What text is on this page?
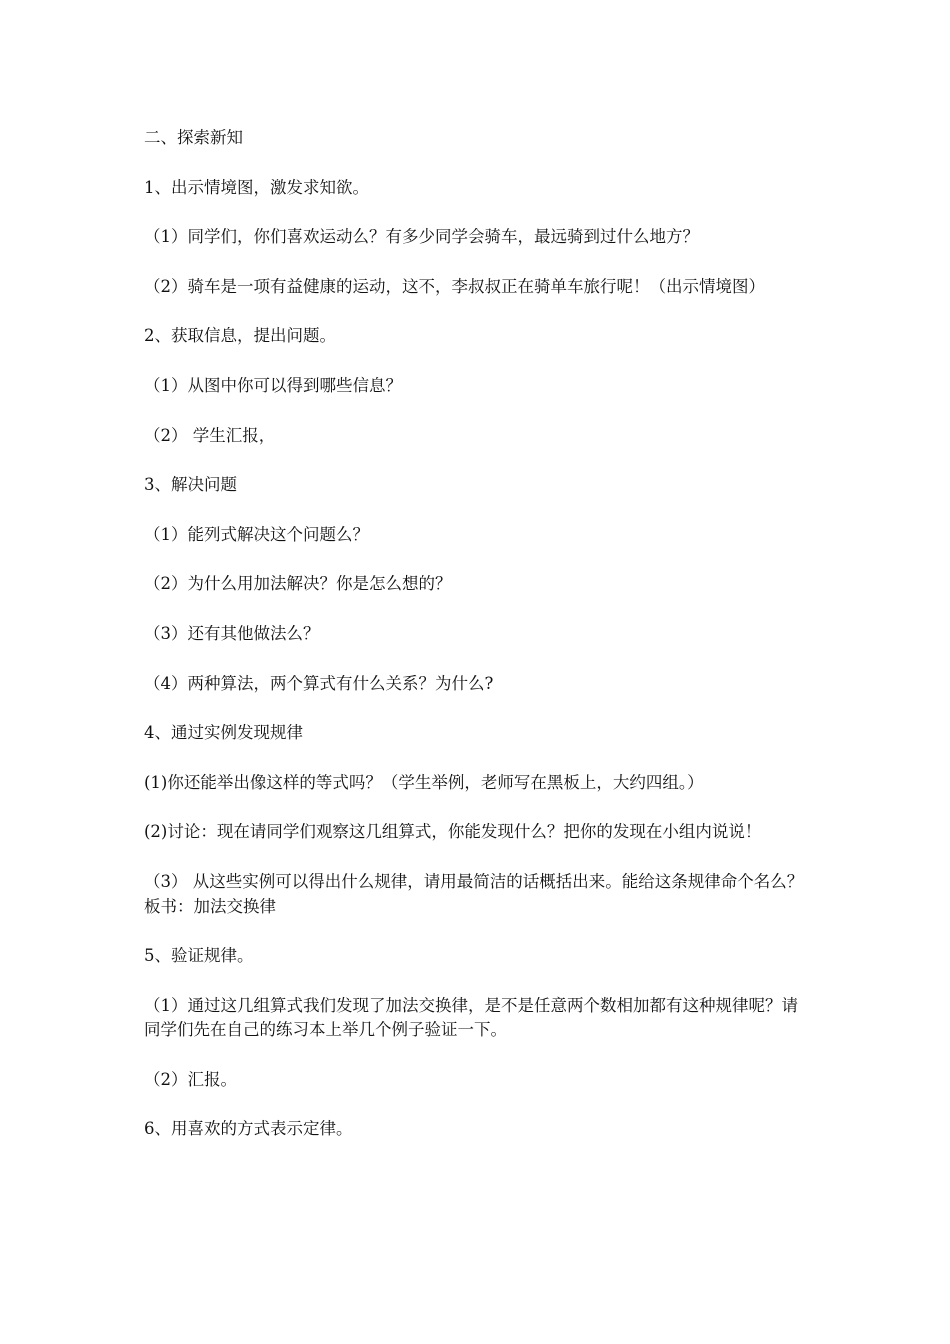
二、探索新知

1、出示情境图，激发求知欲。

（1）同学们，你们喜欢运动么？有多少同学会骑车，最远骑到过什么地方？

（2）骑车是一项有益健康的运动，这不，李叔叔正在骑单车旅行呢！（出示情境图）

2、获取信息，提出问题。

（1）从图中你可以得到哪些信息？

（2） 学生汇报，

3、解决问题

（1）能列式解决这个问题么？

（2）为什么用加法解决？你是怎么想的？

（3）还有其他做法么？

（4）两种算法，两个算式有什么关系？为什么?

4、通过实例发现规律

(1)你还能举出像这样的等式吗？（学生举例，老师写在黑板上，大约四组。）

(2)讨论：现在请同学们观察这几组算式，你能发现什么？把你的发现在小组内说说！

（3） 从这些实例可以得出什么规律，请用最简洁的话概括出来。能给这条规律命个名么？板书：加法交换律

5、验证规律。

（1）通过这几组算式我们发现了加法交换律，是不是任意两个数相加都有这种规律呢？请同学们先在自己的练习本上举几个例子验证一下。

（2）汇报。

6、用喜欢的方式表示定律。
